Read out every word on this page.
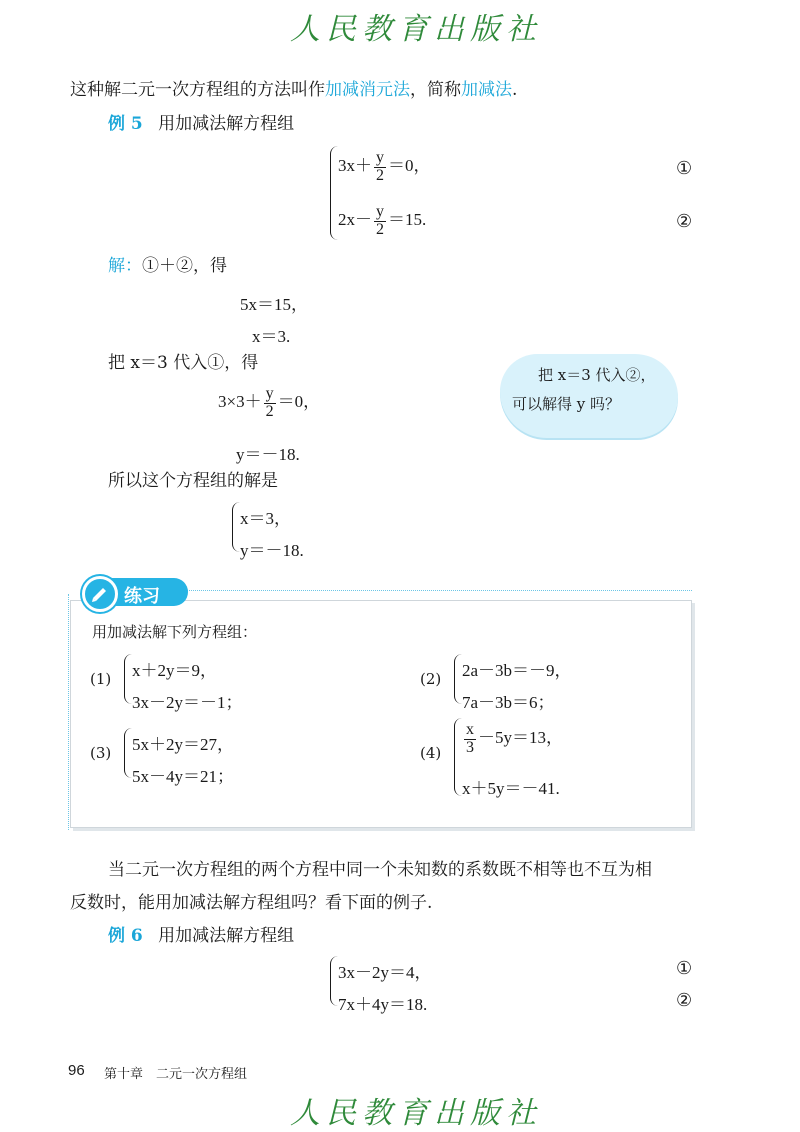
人民教育出版社
这种解二元一次方程组的方法叫作加减消元法，简称加减法.
例 5 用加减法解方程组
$3x+ \frac{y}{2} =0$，	①
$2x- \frac{y}{2} =15$.	②
解：①＋②，得
5x＝15，
x＝3.
把 x＝3 代入①，得
$3\times 3+ \frac{y}{2} =0$，
y＝－18.
所以这个方程组的解是
x＝3，
y＝－18.
把 x＝3 代入②，
可以解得 y 吗？
练习
用加减法解下列方程组：
(1) x＋2y＝9，
3x－2y＝－1；
(2) 2a－3b＝－9，
7a－3b＝6；
(3) 5x＋2y＝27，
5x－4y＝21；
$(4) \frac{x}{3} -5y=13$，
x＋5y＝－41.
当二元一次方程组的两个方程中同一个未知数的系数既不相等也不互为相
反数时，能用加减法解方程组吗？看下面的例子.
例 6 用加减法解方程组
3x－2y＝4，	①
7x＋4y＝18.	②
96 第十章　二元一次方程组
人民教育出版社
